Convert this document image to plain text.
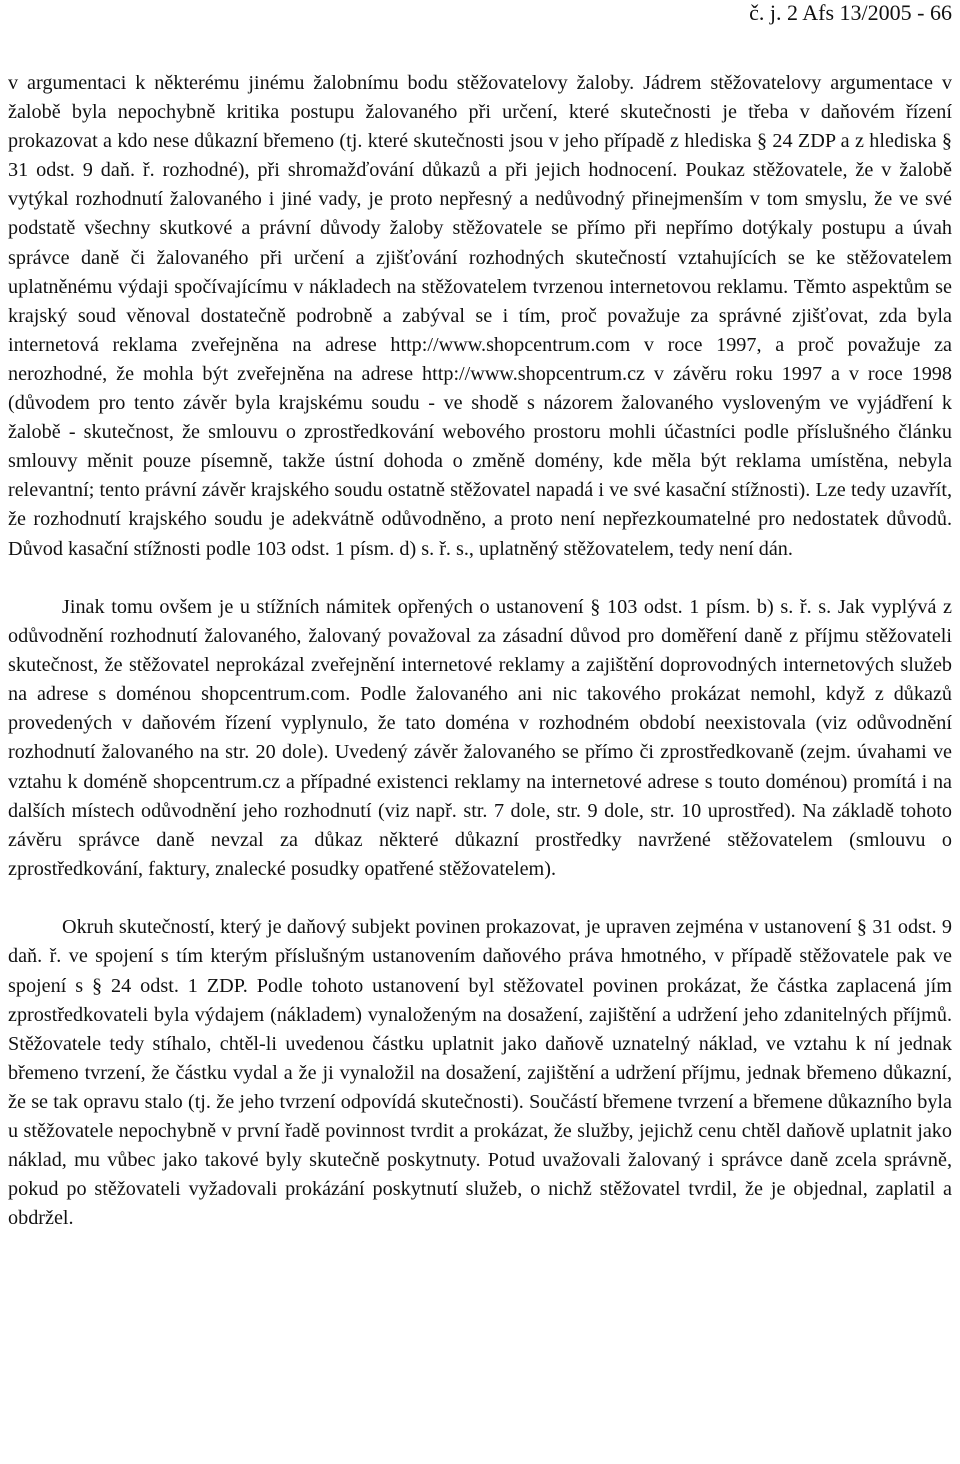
č. j. 2 Afs 13/2005 - 66

v argumentaci k některému jinému žalobnímu bodu stěžovatelovy žaloby. Jádrem stěžovatelovy argumentace v žalobě byla nepochybně kritika postupu žalovaného při určení, které skutečnosti je třeba v daňovém řízení prokazovat a kdo nese důkazní břemeno (tj. které skutečnosti jsou v jeho případě z hlediska § 24 ZDP a z hlediska § 31 odst. 9 daň. ř. rozhodné), při shromažďování důkazů a při jejich hodnocení. Poukaz stěžovatele, že v žalobě vytýkal rozhodnutí žalovaného i jiné vady, je proto nepřesný a nedůvodný přinejmenším v tom smyslu, že ve své podstatě všechny skutkové a právní důvody žaloby stěžovatele se přímo při nepřímo dotýkaly postupu a úvah správce daně či žalovaného při určení a zjišťování rozhodných skutečností vztahujících se ke stěžovatelem uplatněnému výdaji spočívajícímu v nákladech na stěžovatelem tvrzenou internetovou reklamu. Těmto aspektům se krajský soud věnoval dostatečně podrobně a zabýval se i tím, proč považuje za správné zjišťovat, zda byla internetová reklama zveřejněna na adrese http://www.shopcentrum.com v roce 1997, a proč považuje za nerozhodné, že mohla být zveřejněna na adrese http://www.shopcentrum.cz v závěru roku 1997 a v roce 1998 (důvodem pro tento závěr byla krajskému soudu - ve shodě s názorem žalovaného vysloveným ve vyjádření k žalobě - skutečnost, že smlouvu o zprostředkování webového prostoru mohli účastníci podle příslušného článku smlouvy měnit pouze písemně, takže ústní dohoda o změně domény, kde měla být reklama umístěna, nebyla relevantní; tento právní závěr krajského soudu ostatně stěžovatel napadá i ve své kasační stížnosti). Lze tedy uzavřít, že rozhodnutí krajského soudu je adekvátně odůvodněno, a proto není nepřezkoumatelné pro nedostatek důvodů. Důvod kasační stížnosti podle 103 odst. 1 písm. d) s. ř. s., uplatněný stěžovatelem, tedy není dán.

Jinak tomu ovšem je u stížních námitek opřených o ustanovení § 103 odst. 1 písm. b) s. ř. s. Jak vyplývá z odůvodnění rozhodnutí žalovaného, žalovaný považoval za zásadní důvod pro doměření daně z příjmu stěžovateli skutečnost, že stěžovatel neprokázal zveřejnění internetové reklamy a zajištění doprovodných internetových služeb na adrese s doménou shopcentrum.com. Podle žalovaného ani nic takového prokázat nemohl, když z důkazů provedených v daňovém řízení vyplynulo, že tato doména v rozhodném období neexistovala (viz odůvodnění rozhodnutí žalovaného na str. 20 dole). Uvedený závěr žalovaného se přímo či zprostředkovaně (zejm. úvahami ve vztahu k doméně shopcentrum.cz a případné existenci reklamy na internetové adrese s touto doménou) promítá i na dalších místech odůvodnění jeho rozhodnutí (viz např. str. 7 dole, str. 9 dole, str. 10 uprostřed). Na základě tohoto závěru správce daně nevzal za důkaz některé důkazní prostředky navržené stěžovatelem (smlouvu o zprostředkování, faktury, znalecké posudky opatřené stěžovatelem).

Okruh skutečností, který je daňový subjekt povinen prokazovat, je upraven zejména v ustanovení § 31 odst. 9 daň. ř. ve spojení s tím kterým příslušným ustanovením daňového práva hmotného, v případě stěžovatele pak ve spojení s § 24 odst. 1 ZDP. Podle tohoto ustanovení byl stěžovatel povinen prokázat, že částka zaplacená jím zprostředkovateli byla výdajem (nákladem) vynaloženým na dosažení, zajištění a udržení jeho zdanitelných příjmů. Stěžovatele tedy stíhalo, chtěl-li uvedenou částku uplatnit jako daňově uznatelný náklad, ve vztahu k ní jednak břemeno tvrzení, že částku vydal a že ji vynaložil na dosažení, zajištění a udržení příjmu, jednak břemeno důkazní, že se tak opravu stalo (tj. že jeho tvrzení odpovídá skutečnosti). Součástí břemene tvrzení a břemene důkazního byla u stěžovatele nepochybně v první řadě povinnost tvrdit a prokázat, že služby, jejichž cenu chtěl daňově uplatnit jako náklad, mu vůbec jako takové byly skutečně poskytnuty. Potud uvažovali žalovaný i správce daně zcela správně, pokud po stěžovateli vyžadovali prokázání poskytnutí služeb, o nichž stěžovatel tvrdil, že je objednal, zaplatil a obdržel.
